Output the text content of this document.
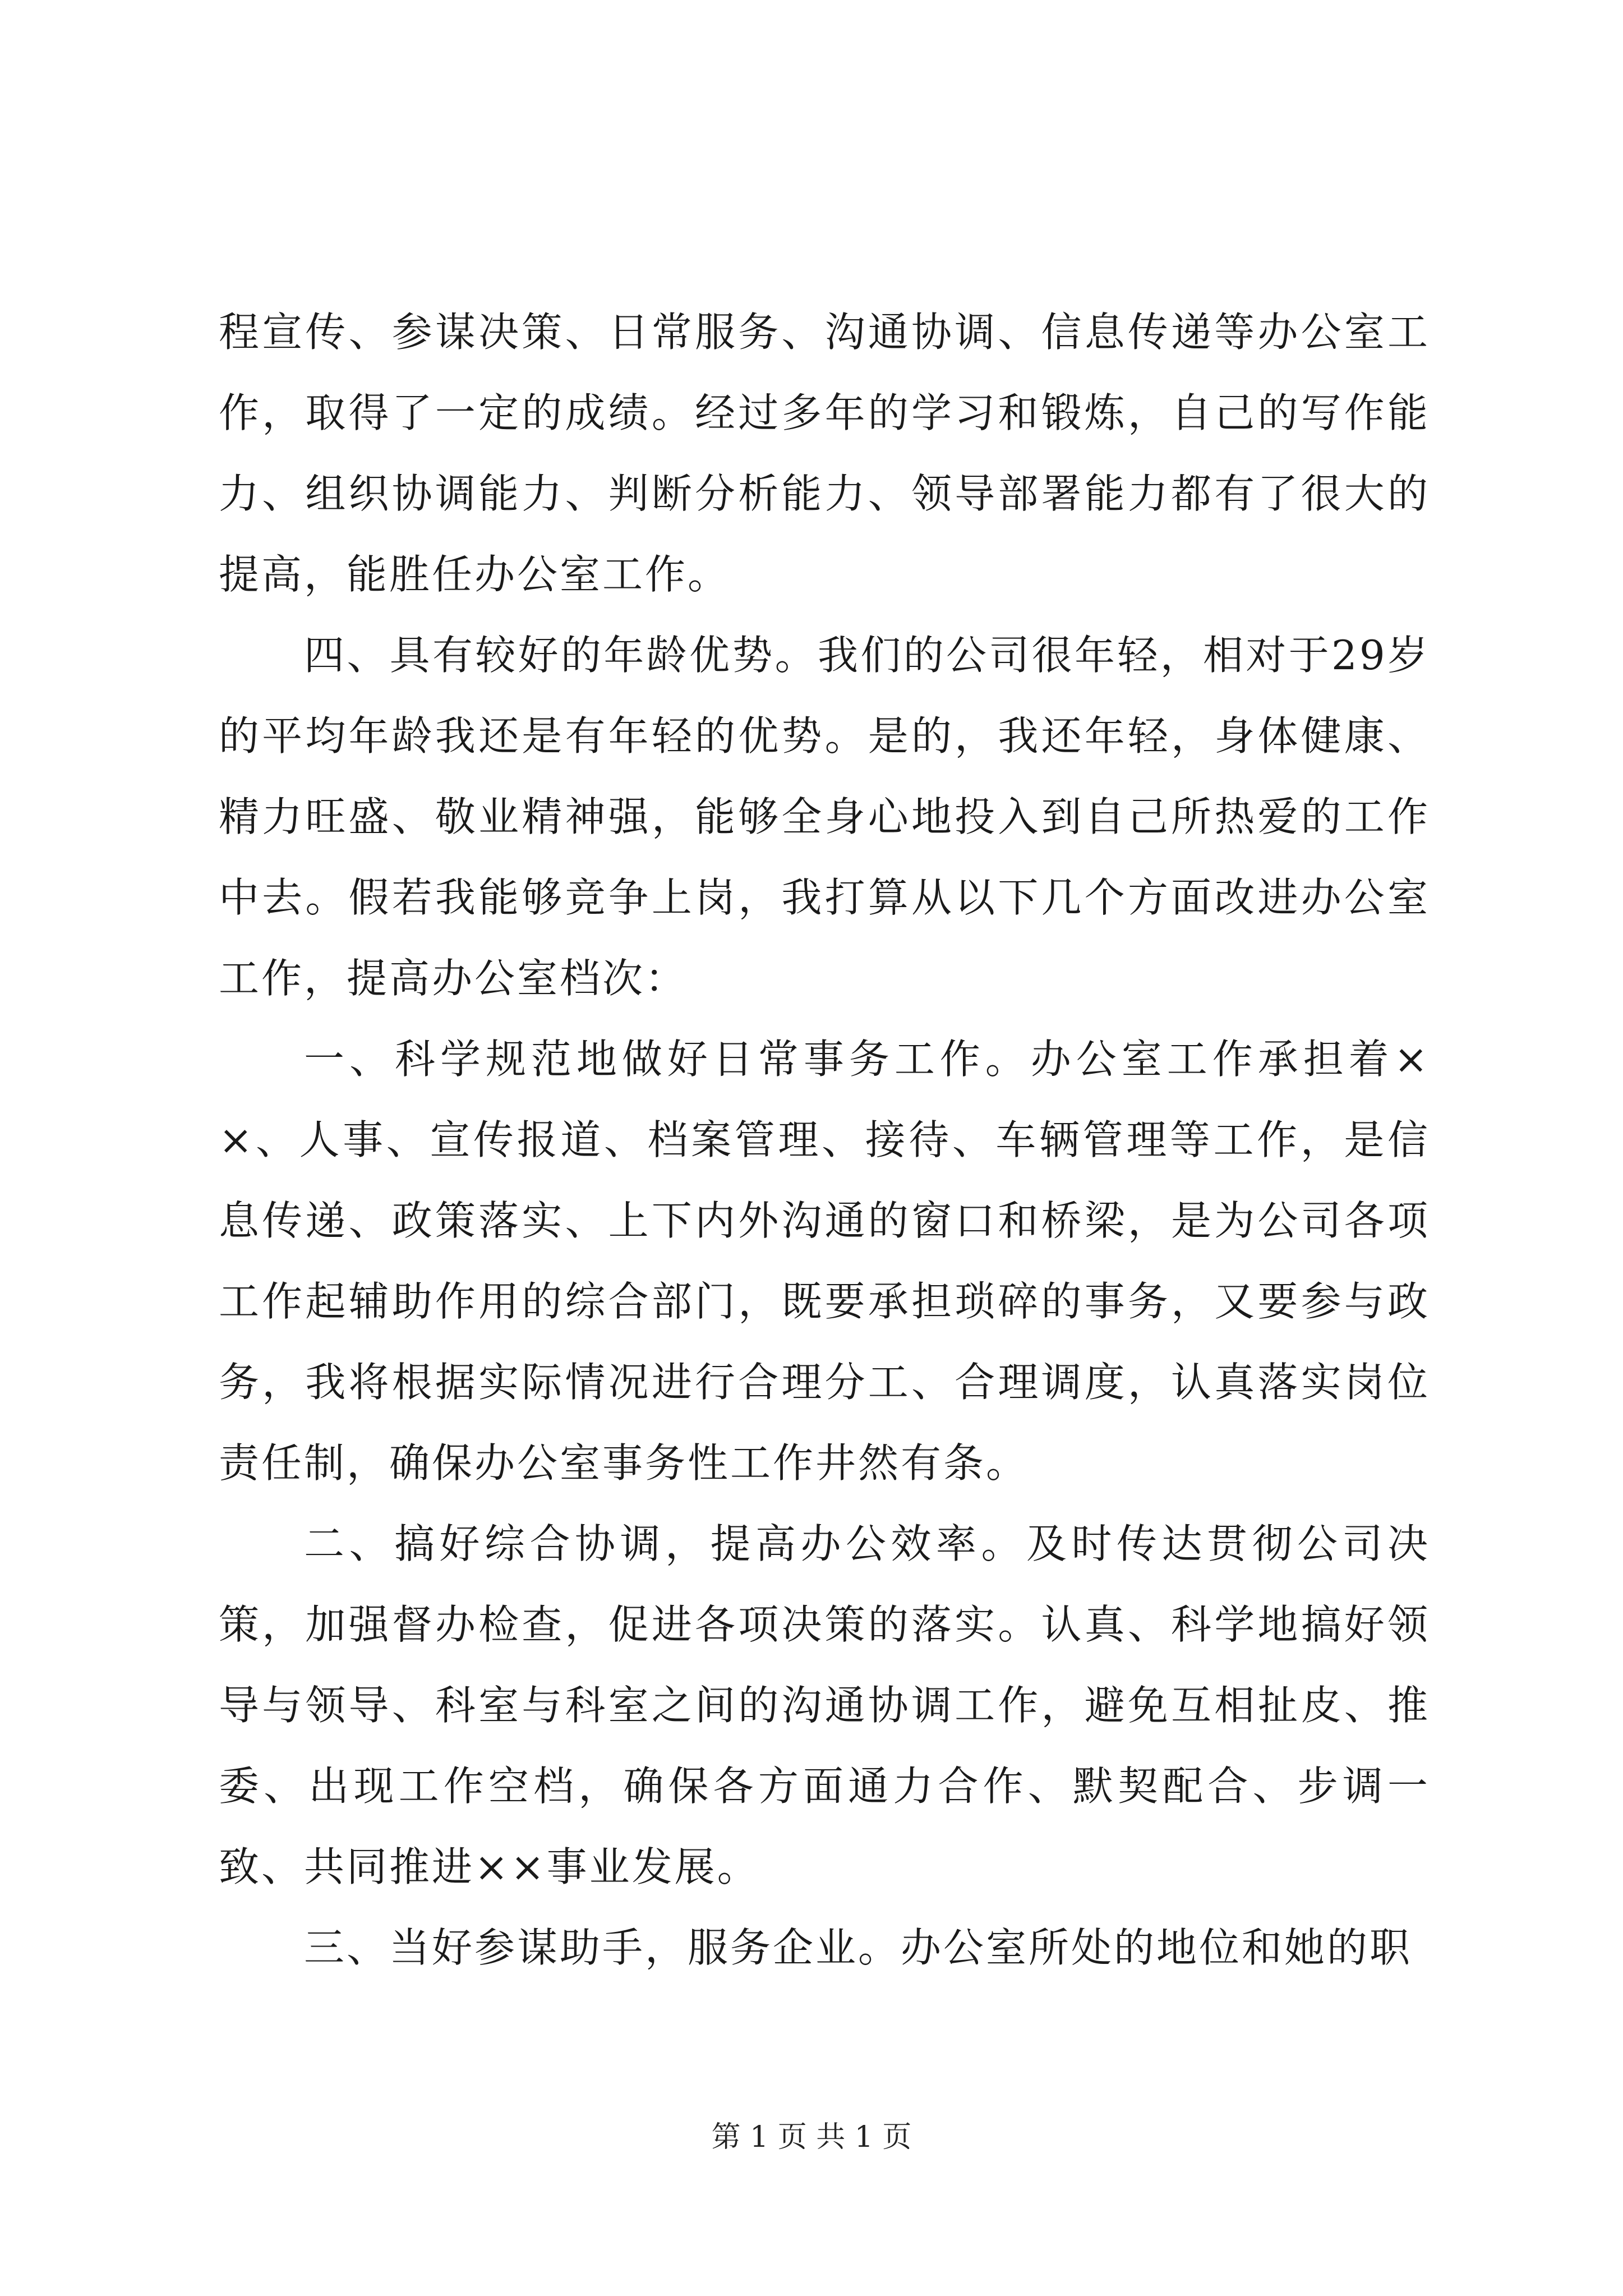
程宣传、参谋决策、日常服务、沟通协调、信息传递等办公室工作，取得了一定的成绩。经过多年的学习和锻炼，自己的写作能力、组织协调能力、判断分析能力、领导部署能力都有了很大的提高，能胜任办公室工作。

四、具有较好的年龄优势。我们的公司很年轻，相对于29岁的平均年龄我还是有年轻的优势。是的，我还年轻，身体健康、精力旺盛、敬业精神强，能够全身心地投入到自己所热爱的工作中去。假若我能够竞争上岗，我打算从以下几个方面改进办公室工作，提高办公室档次：

一、科学规范地做好日常事务工作。办公室工作承担着××、人事、宣传报道、档案管理、接待、车辆管理等工作，是信息传递、政策落实、上下内外沟通的窗口和桥梁，是为公司各项工作起辅助作用的综合部门，既要承担琐碎的事务，又要参与政务，我将根据实际情况进行合理分工、合理调度，认真落实岗位责任制，确保办公室事务性工作井然有条。

二、搞好综合协调，提高办公效率。及时传达贯彻公司决策，加强督办检查，促进各项决策的落实。认真、科学地搞好领导与领导、科室与科室之间的沟通协调工作，避免互相扯皮、推委、出现工作空档，确保各方面通力合作、默契配合、步调一致、共同推进××事业发展。

三、当好参谋助手，服务企业。办公室所处的地位和她的职

第 1 页 共 1 页
